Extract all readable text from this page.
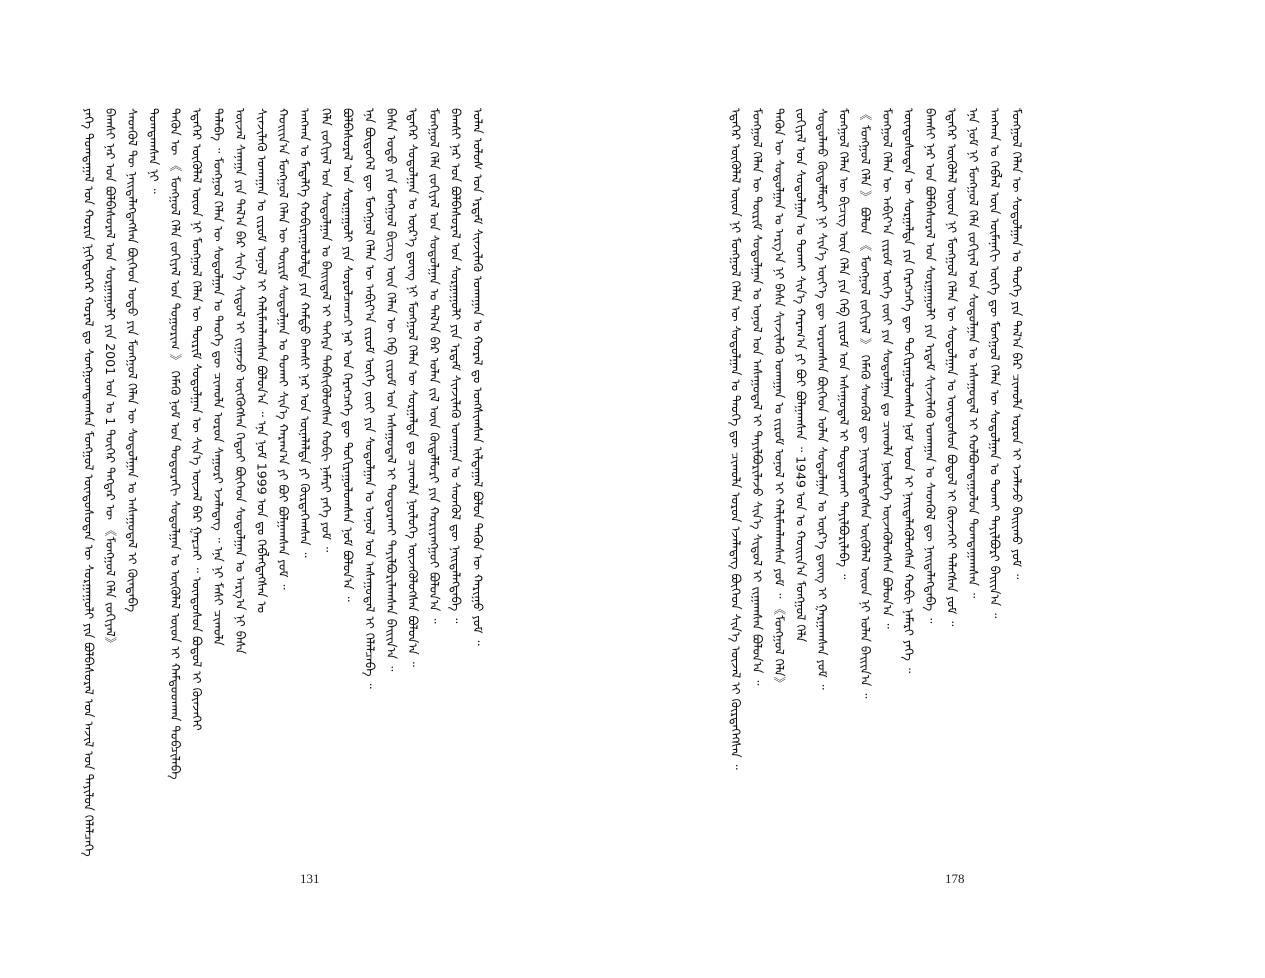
ᠶᠡᠬᠡ ᠲᠣᠭᠲᠠᠭᠠᠯ ᠤᠨ ᠬᠣᠷᠢᠨ ᠨᠢᠭᠡᠳᠦᠭᠡᠷ ᠬᠤᠷᠠᠯ ᠳᠤ ᠰᠣᠩᠭᠤᠭᠳᠠᠭᠰᠠᠨ ᠮᠣᠩᠭᠣᠯ ᠦᠨᠳᠦᠰᠦᠲᠡᠨ ᠦ ᠰᠤᠷᠭᠠᠭᠤᠯᠢ ᠶᠢᠨ ᠪᠣᠯᠪᠠᠰᠤᠷᠠᠯ ᠤᠨ ᠠᠵᠢᠯ ᠤᠨ ᠲᠠᠶᠢᠯᠤᠨ ᠬᠡᠯᠡᠯᠴᠡᠭᠡ ᠪᠠᠭᠰᠢ ᠨᠠᠷ ᠤᠨ ᠪᠣᠯᠪᠠᠰᠤᠷᠠᠯ ᠤᠨ ᠰᠤᠷᠭᠠᠭᠤᠯᠢ ᠶᠢᠨ 2001 ᠣᠨ ᠤ 1 ᠳᠦᠭᠡᠷ ᠳᠡᠭᠲᠡᠷ ᠦ 《ᠮᠣᠩᠭᠣᠯ ᠬᠡᠯᠡ ᠵᠣᠬᠢᠶᠠᠯ》 ᠰᠡᠳᠭᠦᠯ ᠲᠦ ᠨᠡᠢᠲᠡᠯᠡᠭᠳᠡᠭᠰᠡᠨ ᠪᠥᠭᠡᠳ ᠣᠳᠣ ᠶᠢᠨ ᠮᠣᠩᠭᠣᠯ ᠬᠡᠯᠡᠨ ᠦ ᠰᠤᠳᠤᠯᠭᠠᠨ ᠤ ᠠᠰᠠᠭᠤᠳᠠᠯ ᠢ ᠬᠥᠨᠳᠡᠪᠡ ᠲᠣᠭᠲᠠᠭᠰᠠᠨ ᠨᠢ ᠃ ᠲᠡᠭᠦᠨ ᠦ 《 ᠮᠣᠩᠭᠣᠯ ᠬᠡᠯᠡ ᠵᠣᠬᠢᠶᠠᠯ ᠤᠨ ᠳᠤᠭᠤᠷᠢᠭ 》 ᠬᠡᠮᠡᠬᠦ ᠨᠣᠮ ᠤᠨ ᠳᠣᠲᠣᠷᠠᠬᠢ ᠰᠤᠳᠤᠯᠭᠠᠨ ᠤ ᠥᠭᠦᠯᠡᠯ ᠦᠳ ᠢ ᠬᠠᠮᠲᠤᠳᠬᠠᠨ ᠲᠣᠪᠴᠢᠯᠠᠪᠠ ᠡᠳᠡᠭᠡᠷ ᠦᠭᠦᠯᠡᠯ ᠦᠳ ᠨᠢ ᠮᠣᠩᠭᠣᠯ ᠬᠡᠯᠡᠨ ᠦ ᠳᠦᠷᠢᠮ ᠰᠤᠳᠤᠯᠭᠠᠨ ᠦ ᠰᠢᠨ᠎ᠡ ᠦᠵᠡᠯ ᠪᠠᠷ ᠭᠠᠷᠴᠠᠢ ᠃ ᠦᠨᠳᠦᠰᠦᠨ ᠪᠣᠳᠤᠯ ᠢ ᠭᠦᠨᠵᠡᠭᠡᠢ ᠲᠡᠯᠡᠪᠡ ᠃ ᠮᠣᠩᠭᠣᠯ ᠬᠡᠯᠡᠨ ᠦ ᠰᠤᠳᠤᠯᠭᠠᠨ ᠤ ᠲᠡᠦᠬᠡ ᠳᠦ ᠴᠢᠬᠤᠯᠠ ᠣᠷᠣᠨ ᠰᠠᠭᠤᠷᠢ ᠡᠵᠡᠯᠡᠳᠡᠭ ᠃ ᠡᠨᠡ ᠨᠢ ᠮᠠᠰᠢ ᠴᠢᠬᠤᠯᠠ ᠦᠵᠡᠯ ᠰᠠᠨᠠᠭᠠ ᠶᠢᠨ ᠲᠠᠯ᠎ᠠ ᠪᠠᠷ ᠰᠢᠨ᠎ᠡ ᠰᠢᠳᠤᠯ ᠢ ᠵᠢᠭᠠᠵᠤ ᠥᠭᠭᠦᠭᠰᠡᠨ ᠬᠡᠳᠦᠢ ᠪᠥᠭᠡᠳ ᠰᠤᠳᠤᠯᠭᠠᠨ ᠤ ᠠᠷᠭ᠎ᠠ ᠨᠢ ᠪᠠᠰᠠ ᠰᠢᠨᠵᠢᠯᠡᠬᠦ ᠤᠬᠠᠭᠠᠨ ᠤ ᠵᠢᠷᠤᠮ ᠣᠨᠣᠯ ᠢ ᠬᠠᠯᠢᠮᠠᠭᠯᠠᠭᠰᠠᠨ ᠪᠣᠯᠤᠨ᠎ᠠ ᠃ ᠡᠨᠡ ᠨᠣᠮ 1999 ᠣᠨ ᠳᠤ ᠬᠡᠪᠯᠡᠭᠳᠡᠭᠰᠡᠨ ᠤ ᠬᠣᠢᠢᠨ᠎ᠠ ᠮᠣᠩᠭᠣᠯ ᠬᠡᠯᠡᠨ ᠦ ᠳᠦᠷᠢᠮ ᠰᠤᠳᠤᠯᠭᠠᠨ ᠤ ᠲᠣᠬᠠᠢ ᠰᠢᠨ᠎ᠡ ᠬᠠᠷᠠᠭ᠎ᠠ ᠶᠢ ᠪᠣᠢ ᠪᠣᠯᠭᠠᠭᠰᠠᠨ ᠶᠤᠮ ᠃ ᠠᠩᠬᠠᠨ ᠤ ᠮᠡᠳᠡᠯᠭᠡ ᠬᠤᠪᠢᠷᠠᠭᠤᠯᠤᠯᠲᠠ ᠶᠢᠨ ᠬᠠᠮᠲᠤ ᠪᠠᠭᠰᠢ ᠨᠠᠷ ᠤᠨ ᠦᠨᠡᠯᠡᠯᠲᠡ ᠶᠢ ᠬᠦᠷᠲᠡᠭᠡᠭ᠍ᠰᠡᠨ ᠃ ᠬᠡᠯᠡ ᠵᠣᠬᠢᠶᠠᠯ ᠤᠨ ᠰᠤᠳᠤᠯᠭᠠᠨ ᠤ ᠪᠠᠢᠢᠳᠠᠯ ᠢ ᠳᠡᠭᠡᠷᠡ ᠳᠡᠪᠰᠢᠭᠦᠯᠦᠭᠰᠡᠨ ᠬᠤᠪᠢ ᠨᠡᠮᠡᠷᠢ ᠶᠡᠬᠡ ᠶᠤᠮ ᠃ ᠪᠣᠯᠪᠠᠰᠤᠷᠠᠯ ᠤᠨ ᠰᠤᠷᠭᠠᠭᠤᠯᠢ ᠶᠢᠨ ᠰᠤᠷᠤᠯᠴᠠᠭᠴᠢ ᠨᠠᠷ ᠤᠨ ᠬᠡᠷᠡᠭᠴᠡᠭᠡ ᠳᠦ ᠲᠣᠬᠢᠷᠠᠭᠤᠯᠤᠭᠰᠠᠨ ᠨᠣᠮ ᠪᠣᠯᠤᠨ᠎ᠠ ᠃ ᠡᠨᠡ ᠪᠦᠲᠦᠭᠡᠯ ᠳᠦ ᠮᠣᠩᠭᠣᠯ ᠬᠡᠯᠡᠨ ᠦ ᠠᠪᠢᠶ᠎ᠠ ᠵᠢᠷᠤᠮ ᠦᠭᠡ ᠵᠦᠢ ᠶᠢᠨ ᠰᠤᠳᠤᠯᠭᠠᠨ ᠤ ᠣᠨᠣᠯ ᠤᠨ ᠠᠰᠠᠭᠤᠳᠠᠯ ᠢ ᠬᠡᠯᠡᠯᠴᠡᠪᠡ ᠃ ᠪᠠᠰᠠ ᠣᠳᠣ ᠶᠢᠨ ᠮᠣᠩᠭᠣᠯ ᠪᠢᠴᠢᠭ ᠦᠨ ᠬᠡᠯᠡᠨ ᠦ ᠬᠡᠪ ᠵᠢᠷᠤᠮ ᠤᠨ ᠠᠰᠠᠭᠤᠳᠠᠯ ᠢ ᠲᠣᠳᠣᠷᠬᠠᠢ ᠲᠠᠶᠢᠯᠪᠤᠷᠢᠯᠠᠭᠰᠠᠨ ᠪᠠᠢᠢᠨ᠎ᠠ ᠃ ᠡᠳᠡᠭᠡᠷ ᠰᠤᠳᠤᠯᠭᠠᠨ ᠤ ᠦᠷ᠎ᠡ ᠳ᠋ᠦᠩ ᠨᠢ ᠮᠣᠩᠭᠣᠯ ᠬᠡᠯᠡᠨ ᠦ ᠰᠤᠷᠭᠠᠯᠲᠠ ᠳᠤ ᠴᠢᠬᠤᠯᠠ ᠨᠥᠯᠥᠭᠡ ᠦᠵᠡᠭᠦᠯᠦᠭᠰᠡᠨ ᠪᠣᠯᠤᠨ᠎ᠠ ᠃ ᠮᠣᠩᠭᠣᠯ ᠬᠡᠯᠡ ᠵᠣᠬᠢᠶᠠᠯ ᠤᠨ ᠰᠤᠳᠤᠯᠭᠠᠨ ᠤ ᠲᠠᠯ᠎ᠠ ᠪᠠᠷ ᠣᠯᠠᠨ ᠵᠢᠯ ᠦᠨ ᠬᠥᠳᠡᠯᠮᠦᠷᠢ ᠶᠢᠨ ᠬᠤᠷᠢᠶᠠᠩᠭᠤᠢ ᠪᠣᠯᠤᠨ᠎ᠠ ᠃ ᠪᠠᠭᠰᠢ ᠨᠠᠷ ᠤᠨ ᠪᠣᠯᠪᠠᠰᠤᠷᠠᠯ ᠤᠨ ᠰᠤᠷᠭᠠᠭᠤᠯᠢ ᠶᠢᠨ ᠡᠷᠳᠡᠮ ᠰᠢᠨᠵᠢᠯᠡᠬᠦ ᠤᠬᠠᠭᠠᠨ ᠤ ᠰᠡᠳᠭᠦᠯ ᠳᠦ ᠨᠡᠢᠲᠡᠯᠡᠭᠳᠡᠪᠡ ᠃ ᠣᠯᠠᠨ ᠤᠯᠤᠰ ᠤᠨ ᠡᠷᠳᠡᠮ ᠰᠢᠨᠵᠢᠯᠡᠬᠦ ᠤᠬᠠᠭᠠᠨ ᠤ ᠬᠤᠷᠠᠯ ᠳᠤ ᠤᠩᠰᠢᠭᠰᠠᠨ ᠢᠯᠲᠠᠭᠠᠯ ᠪᠣᠯᠤᠨ ᠲᠡᠭᠦᠨ ᠦ ᠬᠠᠷᠢᠭᠤ ᠶᠤᠮ ᠃
131
ᠡᠳᠡᠭᠡᠷ ᠥᠭᠦᠯᠡᠯ ᠦᠳ ᠨᠢ ᠮᠣᠩᠭᠣᠯ ᠬᠡᠯᠡᠨ ᠦ ᠰᠤᠳᠤᠯᠭᠠᠨ ᠤ ᠲᠡᠦᠬᠡ ᠳᠦ ᠴᠢᠬᠤᠯᠠ ᠣᠷᠣᠨ ᠡᠵᠡᠯᠡᠳᠡᠭ ᠪᠥᠭᠡᠳ ᠰᠢᠨ᠎ᠡ ᠦᠵᠡᠯ ᠢ ᠬᠦᠷᠲᠡᠭᠡᠭᠰᠡᠨ ᠃ ᠮᠣᠩᠭᠣᠯ ᠬᠡᠯᠡᠨ ᠦ ᠳᠦᠷᠢᠮ ᠰᠤᠳᠤᠯᠭᠠᠨ ᠤ ᠣᠨᠣᠯ ᠤᠨ ᠠᠰᠠᠭᠤᠳᠠᠯ ᠢ ᠲᠠᠶᠢᠯᠪᠤᠷᠢᠯᠠᠵᠤ ᠰᠢᠨ᠎ᠡ ᠰᠢᠳᠤᠯ ᠢ ᠵᠢᠭᠠᠭᠰᠠᠨ ᠪᠣᠯᠤᠨ᠎ᠠ ᠃ ᠲᠡᠭᠦᠨ ᠦ ᠰᠤᠳᠤᠯᠭᠠᠨ ᠤ ᠠᠷᠭ᠎ᠠ ᠨᠢ ᠪᠠᠰᠠ ᠰᠢᠨᠵᠢᠯᠡᠬᠦ ᠤᠬᠠᠭᠠᠨ ᠤ ᠵᠢᠷᠤᠮ ᠣᠨᠣᠯ ᠢ ᠬᠠᠯᠢᠮᠠᠭᠯᠠᠭᠰᠠᠨ ᠶᠤᠮ ᠃ 《ᠮᠣᠩᠭᠣᠯ ᠬᠡᠯᠡ》 ᠵᠣᠬᠢᠶᠠᠯ ᠤᠨ ᠰᠤᠳᠤᠯᠭᠠᠨ ᠤ ᠲᠣᠬᠠᠢ ᠰᠢᠨ᠎ᠡ ᠬᠠᠷᠠᠭ᠎ᠠ ᠶᠢ ᠪᠣᠢ ᠪᠣᠯᠭᠠᠭᠰᠠᠨ ᠃ 1949 ᠣᠨ ᠤ ᠬᠣᠢᠢᠨ᠎ᠠ ᠮᠣᠩᠭᠣᠯ ᠬᠡᠯᠡ ᠰᠤᠳᠤᠯᠬᠤ ᠬᠥᠳᠡᠯᠮᠦᠷᠢ ᠨᠢ ᠰᠢᠨ᠎ᠡ ᠦᠶ᠎ᠡ ᠳᠦ ᠣᠷᠤᠭᠰᠠᠨ ᠪᠥᠭᠡᠳ ᠣᠯᠠᠨ ᠰᠤᠳᠤᠯᠭᠠᠨ ᠤ ᠦᠷ᠎ᠡ ᠳ᠋ᠦᠩ ᠢ ᠭᠠᠷᠭᠠᠭᠰᠠᠨ ᠶᠤᠮ ᠃ ᠮᠣᠩᠭᠣᠯ ᠬᠡᠯᠡᠨ ᠦ ᠪᠢᠴᠢᠭ ᠦᠨ ᠬᠡᠯᠡ ᠶᠢᠨ ᠬᠡᠪ ᠵᠢᠷᠤᠮ ᠤᠨ ᠠᠰᠠᠭᠤᠳᠠᠯ ᠢ ᠲᠣᠳᠣᠷᠬᠠᠢ ᠲᠠᠶᠢᠯᠪᠤᠷᠢᠯᠠᠪᠠ ᠃ 《 ᠮᠣᠩᠭᠣᠯ ᠬᠡᠯᠡ 》 ᠪᠣᠯᠤᠨ 《 ᠮᠣᠩᠭᠣᠯ ᠵᠣᠬᠢᠶᠠᠯ 》 ᠬᠡᠮᠡᠬᠦ ᠰᠡᠳᠭᠦᠯ ᠳᠦ ᠨᠡᠢᠲᠡᠯᠡᠭᠳᠡᠭᠰᠡᠨ ᠥᠭᠦᠯᠡᠯ ᠦᠳ ᠨᠢ ᠣᠯᠠᠨ ᠪᠠᠢᠢᠨ᠎ᠠ ᠃ ᠮᠣᠩᠭᠣᠯ ᠬᠡᠯᠡᠨ ᠦ ᠠᠪᠢᠶ᠎ᠠ ᠵᠢᠷᠤᠮ ᠦᠭᠡ ᠵᠦᠢ ᠶᠢᠨ ᠰᠤᠳᠤᠯᠭᠠᠨ ᠳᠤ ᠴᠢᠬᠤᠯᠠ ᠨᠥᠯᠥᠭᠡ ᠦᠵᠡᠭᠦᠯᠦᠭᠰᠡᠨ ᠪᠣᠯᠤᠨ᠎ᠠ ᠃ ᠦᠨᠳᠦᠰᠦᠲᠡᠨ ᠦ ᠰᠤᠷᠭᠠᠯᠲᠠ ᠶᠢᠨ ᠬᠡᠷᠡᠭᠴᠡᠭᠡ ᠳᠦ ᠲᠣᠬᠢᠷᠠᠭᠤᠯᠤᠭᠰᠠᠨ ᠨᠣᠮ ᠤᠳ ᠢ ᠨᠡᠢᠲᠡᠯᠡᠭᠦᠯᠦᠭᠰᠡᠨ ᠬᠤᠪᠢ ᠨᠡᠮᠡᠷᠢ ᠶᠡᠬᠡ ᠃ ᠪᠠᠭᠰᠢ ᠨᠠᠷ ᠤᠨ ᠪᠣᠯᠪᠠᠰᠤᠷᠠᠯ ᠤᠨ ᠰᠤᠷᠭᠠᠭᠤᠯᠢ ᠶᠢᠨ ᠡᠷᠳᠡᠮ ᠰᠢᠨᠵᠢᠯᠡᠬᠦ ᠤᠬᠠᠭᠠᠨ ᠤ ᠰᠡᠳᠭᠦᠯ ᠳᠦ ᠨᠡᠢᠲᠡᠯᠡᠭᠳᠡᠪᠡ ᠃ ᠡᠳᠡᠭᠡᠷ ᠥᠭᠦᠯᠡᠯ ᠦᠳ ᠨᠢ ᠮᠣᠩᠭᠣᠯ ᠬᠡᠯᠡᠨ ᠦ ᠰᠤᠳᠤᠯᠭᠠᠨ ᠤ ᠦᠨᠳᠦᠰᠦᠨ ᠪᠣᠳᠤᠯ ᠢ ᠭᠦᠨᠵᠡᠭᠡᠢ ᠲᠡᠯᠡᠭᠰᠡᠨ ᠶᠤᠮ ᠃ ᠡᠨᠡ ᠨᠣᠮ ᠨᠢ ᠮᠣᠩᠭᠣᠯ ᠬᠡᠯᠡ ᠵᠣᠬᠢᠶᠠᠯ ᠤᠨ ᠰᠤᠳᠤᠯᠭᠠᠨ ᠤ ᠠᠰᠠᠭᠤᠳᠠᠯ ᠢ ᠬᠣᠯᠪᠣᠭᠳᠠᠭᠤᠯᠤᠨ ᠲᠣᠭᠲᠠᠭᠠᠭᠰᠠᠨ ᠃ ᠠᠩᠬᠠᠨ ᠤ ᠬᠡᠪᠯᠡᠯ ᠦᠨ ᠥᠮᠡᠨᠡᠬᠢ ᠦᠭᠡ ᠳᠦ ᠮᠣᠩᠭᠣᠯ ᠬᠡᠯᠡᠨ ᠦ ᠰᠤᠳᠤᠯᠭᠠᠨ ᠤ ᠲᠣᠬᠠᠢ ᠲᠠᠶᠢᠯᠪᠤᠷᠢ ᠪᠠᠢᠢᠨ᠎ᠠ ᠃ ᠮᠣᠩᠭᠣᠯ ᠬᠡᠯᠡᠨ ᠦ ᠰᠤᠳᠤᠯᠭᠠᠨ ᠤ ᠲᠡᠦᠬᠡ ᠶᠢᠨ ᠲᠠᠯ᠎ᠠ ᠪᠠᠷ ᠴᠢᠬᠤᠯᠠ ᠣᠷᠣᠨ ᠢ ᠡᠵᠡᠯᠡᠵᠦ ᠪᠠᠢᠢᠬᠤ ᠶᠤᠮ ᠃
178
